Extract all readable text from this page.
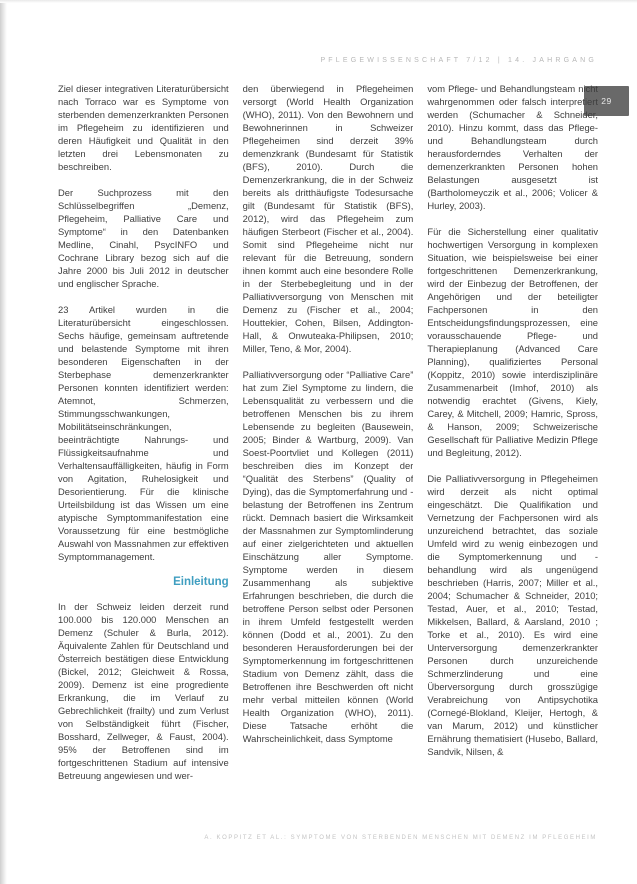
PFLEGEWISSENSCHAFT 7/12 | 14. JAHRGANG
29

Ziel dieser integrativen Literaturübersicht nach Torraco war es Symptome von sterbenden demenzerkrankten Personen im Pflegeheim zu identifizieren und deren Häufigkeit und Qualität in den letzten drei Lebensmonaten zu beschreiben.

Der Suchprozess mit den Schlüsselbegriffen „Demenz, Pflegeheim, Palliative Care und Symptome“ in den Datenbanken Medline, Cinahl, PsycINFO und Cochrane Library bezog sich auf die Jahre 2000 bis Juli 2012 in deutscher und englischer Sprache.

23 Artikel wurden in die Literaturübersicht eingeschlossen. Sechs häufige, gemeinsam auftretende und belastende Symptome mit ihren besonderen Eigenschaften in der Sterbephase demenzerkrankter Personen konnten identifiziert werden: Atemnot, Schmerzen, Stimmungsschwankungen, Mobilitätseinschränkungen, beeinträchtigte Nahrungs- und Flüssigkeitsaufnahme und Verhaltensauffälligkeiten, häufig in Form von Agitation, Ruhelosigkeit und Desorientierung. Für die klinische Urteilsbildung ist das Wissen um eine atypische Symptommanifestation eine Voraussetzung für eine bestmögliche Auswahl von Massnahmen zur effektiven Symptommanagement.

Einleitung

In der Schweiz leiden derzeit rund 100.000 bis 120.000 Menschen an Demenz (Schuler & Burla, 2012). Äquivalente Zahlen für Deutschland und Österreich bestätigen diese Entwicklung (Bickel, 2012; Gleichweit & Rossa, 2009). Demenz ist eine progrediente Erkrankung, die im Verlauf zu Gebrechlichkeit (frailty) und zum Verlust von Selbständigkeit führt (Fischer, Bosshard, Zellweger, & Faust, 2004). 95% der Betroffenen sind im fortgeschrittenen Stadium auf intensive Betreuung angewiesen und wer-

den überwiegend in Pflegeheimen versorgt (World Health Organization (WHO), 2011). Von den Bewohnern und Bewohnerinnen in Schweizer Pflegeheimen sind derzeit 39% demenzkrank (Bundesamt für Statistik (BFS), 2010). Durch die Demenzerkrankung, die in der Schweiz bereits als dritthäufigste Todesursache gilt (Bundesamt für Statistik (BFS), 2012), wird das Pflegeheim zum häufigen Sterbeort (Fischer et al., 2004). Somit sind Pflegeheime nicht nur relevant für die Betreuung, sondern ihnen kommt auch eine besondere Rolle in der Sterbebegleitung und in der Palliativversorgung von Menschen mit Demenz zu (Fischer et al., 2004; Houttekier, Cohen, Bilsen, Addington-Hall, & Onwuteaka-Philipsen, 2010; Miller, Teno, & Mor, 2004).

Palliativversorgung oder “Palliative Care” hat zum Ziel Symptome zu lindern, die Lebensqualität zu verbessern und die betroffenen Menschen bis zu ihrem Lebensende zu begleiten (Bausewein, 2005; Binder & Wartburg, 2009). Van Soest-Poortvliet und Kollegen (2011) beschreiben dies im Konzept der “Qualität des Sterbens” (Quality of Dying), das die Symptomerfahrung und -belastung der Betroffenen ins Zentrum rückt. Demnach basiert die Wirksamkeit der Massnahmen zur Symptomlinderung auf einer zielgerichteten und aktuellen Einschätzung aller Symptome. Symptome werden in diesem Zusammenhang als subjektive Erfahrungen beschrieben, die durch die betroffene Person selbst oder Personen in ihrem Umfeld festgestellt werden können (Dodd et al., 2001). Zu den besonderen Herausforderungen bei der Symptomerkennung im fortgeschrittenen Stadium von Demenz zählt, dass die Betroffenen ihre Beschwerden oft nicht mehr verbal mitteilen können (World Health Organization (WHO), 2011). Diese Tatsache erhöht die Wahrscheinlichkeit, dass Symptome

vom Pflege- und Behandlungsteam nicht wahrgenommen oder falsch interpretiert werden (Schumacher & Schneider, 2010). Hinzu kommt, dass das Pflege- und Behandlungsteam durch herausforderndes Verhalten der demenzerkrankten Personen hohen Belastungen ausgesetzt ist (Bartholomeyczik et al., 2006; Volicer & Hurley, 2003).

Für die Sicherstellung einer qualitativ hochwertigen Versorgung in komplexen Situation, wie beispielsweise bei einer fortgeschrittenen Demenzerkrankung, wird der Einbezug der Betroffenen, der Angehörigen und der beteiligter Fachpersonen in den Entscheidungsfindungsprozessen, eine vorausschauende Pflege- und Therapieplanung (Advanced Care Planning), qualifiziertes Personal (Koppitz, 2010) sowie interdisziplinäre Zusammenarbeit (Imhof, 2010) als notwendig erachtet (Givens, Kiely, Carey, & Mitchell, 2009; Hamric, Spross, & Hanson, 2009; Schweizerische Gesellschaft für Palliative Medizin Pflege und Begleitung, 2012).

Die Palliativversorgung in Pflegeheimen wird derzeit als nicht optimal eingeschätzt. Die Qualifikation und Vernetzung der Fachpersonen wird als unzureichend betrachtet, das soziale Umfeld wird zu wenig einbezogen und die Symptomerkennung und -behandlung wird als ungenügend beschrieben (Harris, 2007; Miller et al., 2004; Schumacher & Schneider, 2010; Testad, Auer, et al., 2010; Testad, Mikkelsen, Ballard, & Aarsland, 2010 ; Torke et al., 2010). Es wird eine Unterversorgung demenzerkrankter Personen durch unzureichende Schmerzlinderung und eine Überversorgung durch grosszügige Verabreichung von Antipsychotika (Cornegé-Blokland, Kleijer, Hertogh, & van Marum, 2012) und künstlicher Ernährung thematisiert (Husebo, Ballard, Sandvik, Nilsen, &

A. KOPPITZ ET AL.: SYMPTOME VON STERBENDEN MENSCHEN MIT DEMENZ IM PFLEGEHEIM
